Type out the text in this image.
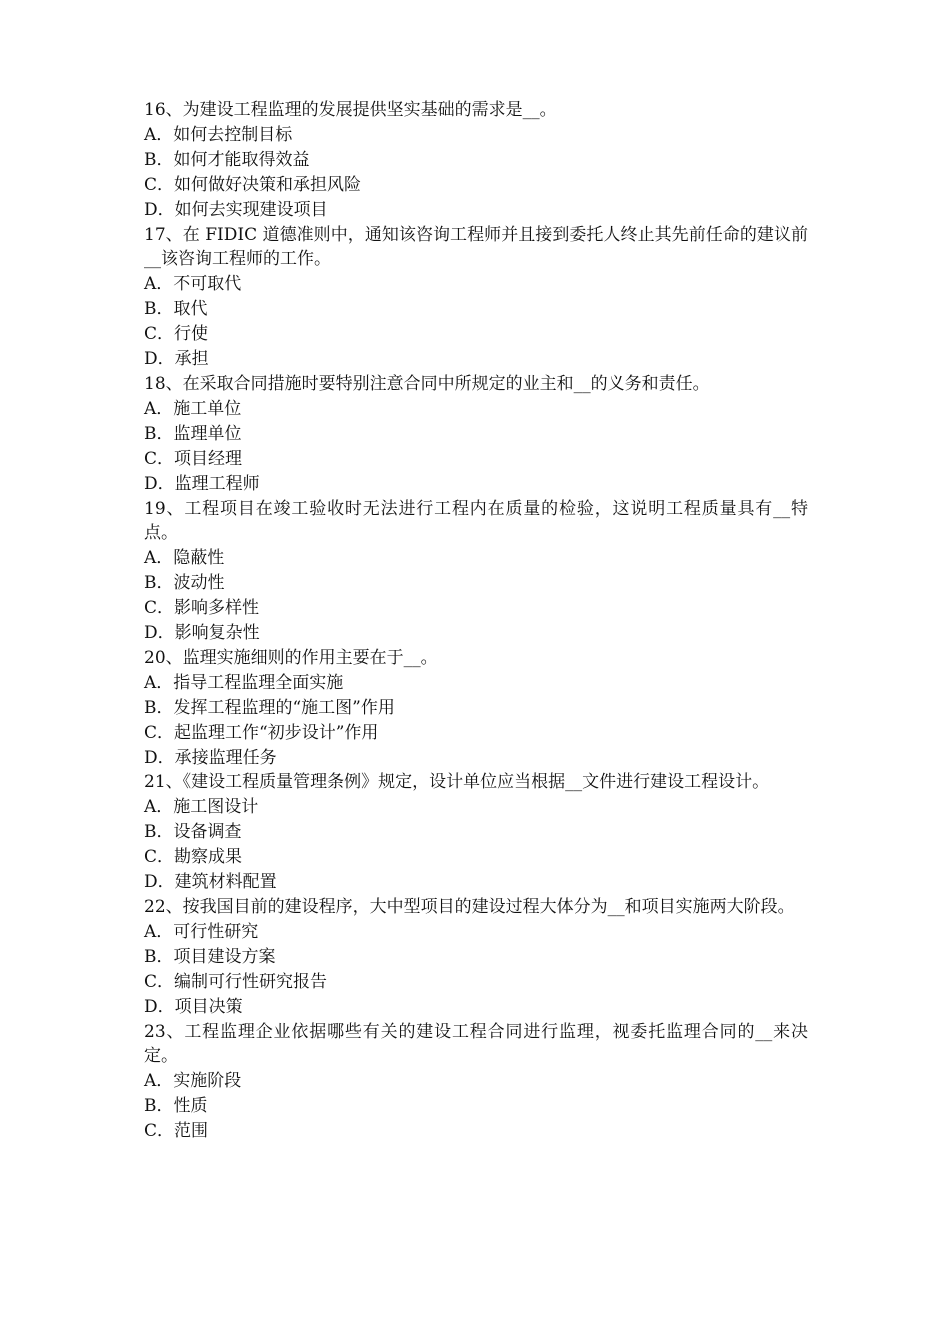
16、为建设工程监理的发展提供坚实基础的需求是__。

A．如何去控制目标

B．如何才能取得效益

C．如何做好决策和承担风险

D．如何去实现建设项目

17、在 FIDIC 道德准则中，通知该咨询工程师并且接到委托人终止其先前任命的建议前__该咨询工程师的工作。

A．不可取代

B．取代

C．行使

D．承担

18、在采取合同措施时要特别注意合同中所规定的业主和__的义务和责任。

A．施工单位

B．监理单位

C．项目经理

D．监理工程师

19、工程项目在竣工验收时无法进行工程内在质量的检验，这说明工程质量具有__特点。

A．隐蔽性

B．波动性

C．影响多样性

D．影响复杂性

20、监理实施细则的作用主要在于__。

A．指导工程监理全面实施

B．发挥工程监理的“施工图”作用

C．起监理工作“初步设计”作用

D．承接监理任务

21、《建设工程质量管理条例》规定，设计单位应当根据__文件进行建设工程设计。

A．施工图设计

B．设备调查

C．勘察成果

D．建筑材料配置

22、按我国目前的建设程序，大中型项目的建设过程大体分为__和项目实施两大阶段。

A．可行性研究

B．项目建设方案

C．编制可行性研究报告

D．项目决策

23、工程监理企业依据哪些有关的建设工程合同进行监理，视委托监理合同的__来决定。

A．实施阶段

B．性质

C．范围
